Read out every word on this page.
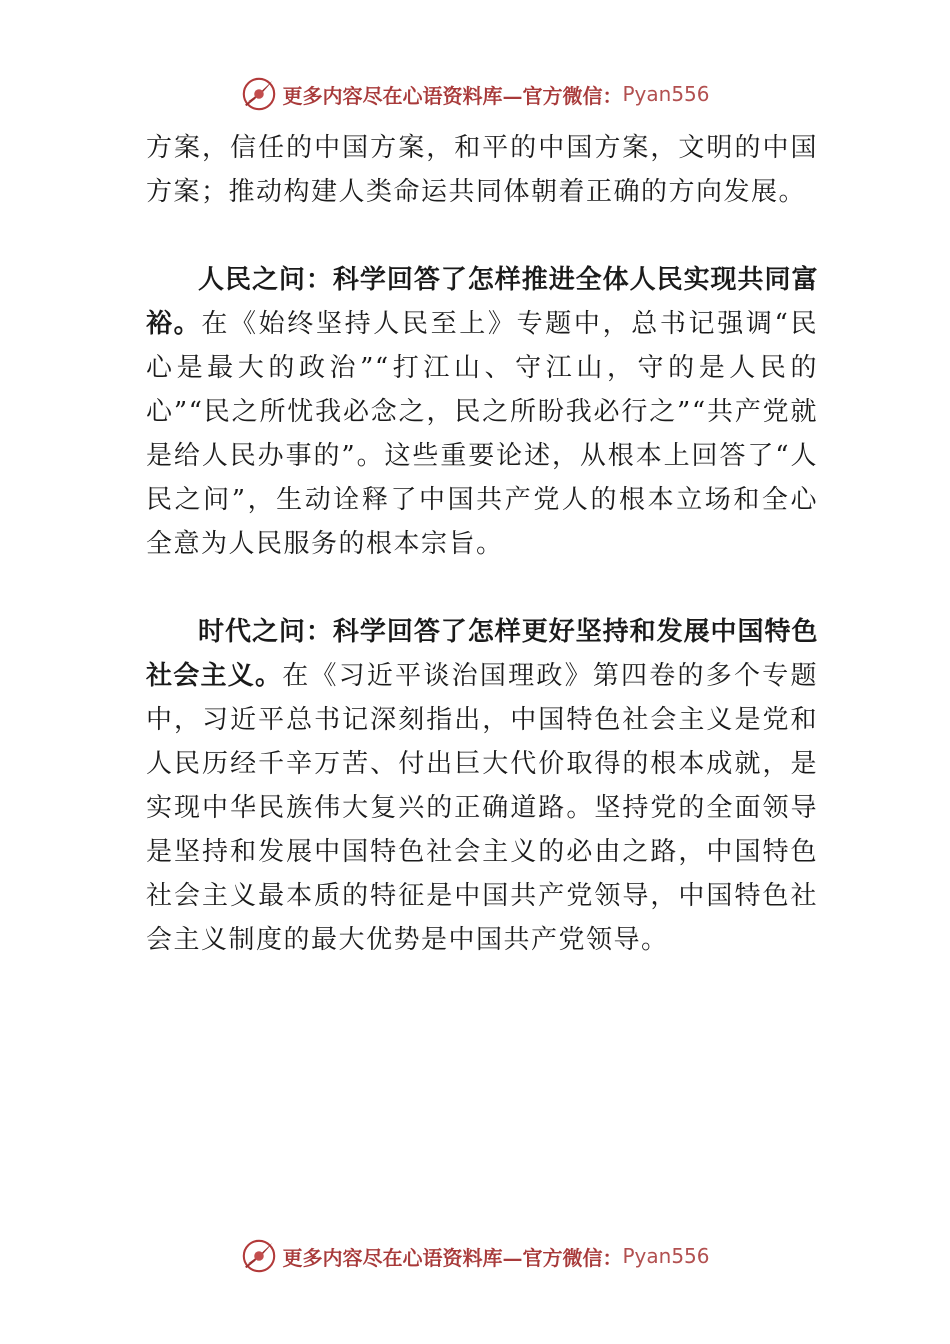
更多内容尽在心语资料库—官方微信： Pyan556

方案，信任的中国方案，和平的中国方案，文明的中国方案；推动构建人类命运共同体朝着正确的方向发展。

人民之问：科学回答了怎样推进全体人民实现共同富裕。在《始终坚持人民至上》专题中，总书记强调“民心是最大的政治”“打江山、守江山，守的是人民的心”“民之所忧我必念之，民之所盼我必行之”“共产党就是给人民办事的”。这些重要论述，从根本上回答了“人民之问”，生动诠释了中国共产党人的根本立场和全心全意为人民服务的根本宗旨。

时代之问：科学回答了怎样更好坚持和发展中国特色社会主义。在《习近平谈治国理政》第四卷的多个专题中，习近平总书记深刻指出，中国特色社会主义是党和人民历经千辛万苦、付出巨大代价取得的根本成就，是实现中华民族伟大复兴的正确道路。坚持党的全面领导是坚持和发展中国特色社会主义的必由之路，中国特色社会主义最本质的特征是中国共产党领导，中国特色社会主义制度的最大优势是中国共产党领导。

更多内容尽在心语资料库—官方微信： Pyan556
